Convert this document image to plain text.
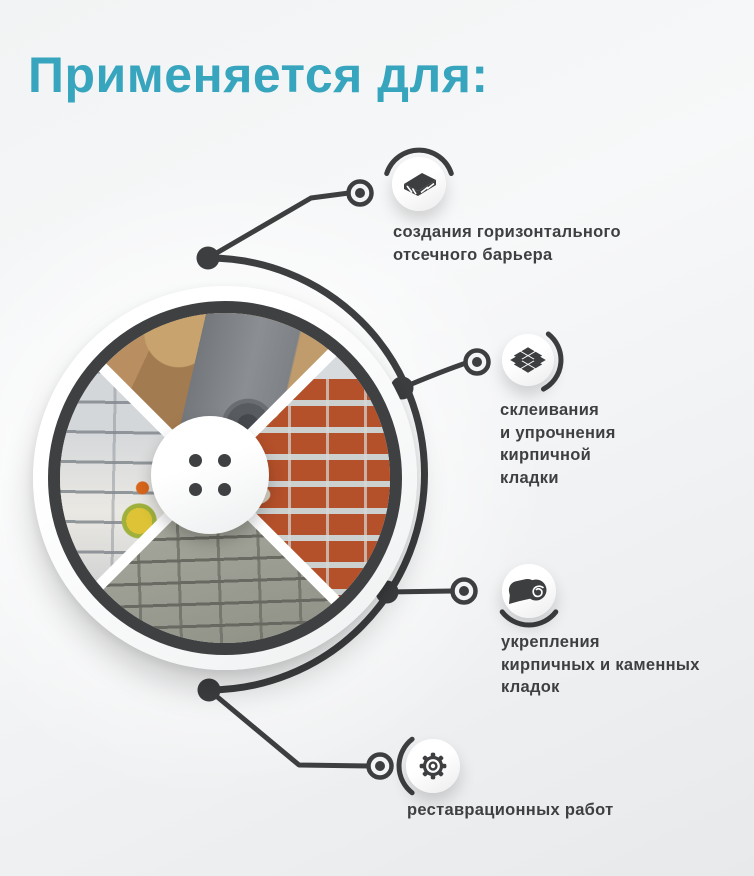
Применяется для:
создания горизонтального
отсечного барьера
склеивания
и упрочнения
кирпичной
кладки
укрепления
кирпичных и каменных
кладок
реставрационных работ
